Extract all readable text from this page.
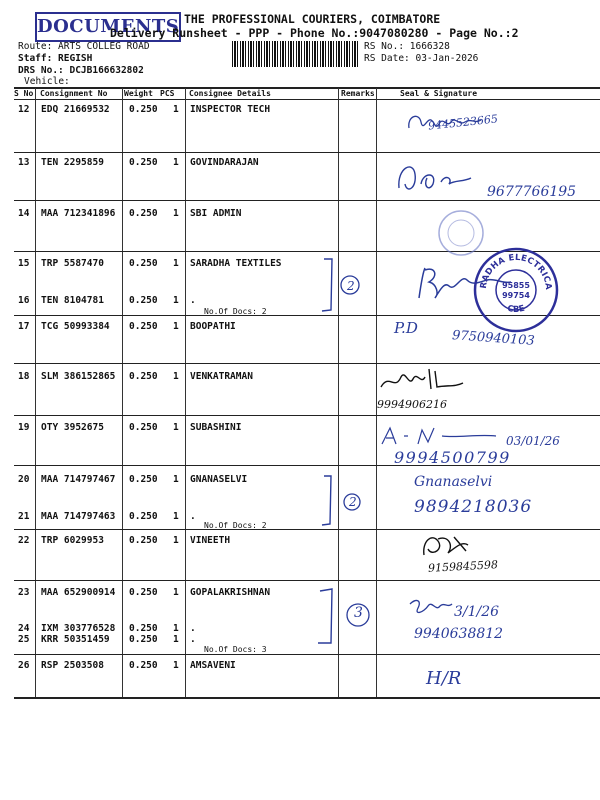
DOCUMENTS THE PROFESSIONAL COURIERS, COIMBATORE
Delivery Runsheet - PPP - Phone No.:9047080280 - Page No.:2
Route: ARTS COLLEG ROAD
Staff: REGISH
DRS No.: DCJB166632802
Vehicle:
RS No.: 1666328
RS Date: 03-Jan-2026
S No Consignment No Weight PCS Consignee Details	Remarks	Seal & Signature
12 EDQ 21669532 0.250 1 INSPECTOR TECH
13 TEN 2295859	0.250 1 GOVINDARAJAN
14 MAA 712341896 0.250 1 SBI ADMIN
15 TRP 5587470	0.250 1 SARADHA TEXTILES
16 TEN 8104781	0.250 1 .
No.Of Docs: 2
17 TCG 50993384 0.250 1 BOOPATHI
18 SLM 386152865 0.250 1 VENKATRAMAN
19 OTY 3952675	0.250 1 SUBASHINI
20 MAA 714797467 0.250 1 GNANASELVI
21 MAA 714797463 0.250 1 .
No.Of Docs: 2
22 TRP 6029953	0.250 1 VINEETH
23 MAA 652900914 0.250 1 GOPALAKRISHNAN
24 IXM 303776528 0.250 1 .
25 KRR 50351459 0.250 1 .
No.Of Docs: 3
26 RSP 2503508	0.250 1 AMSAVENI
2
2
3
9445523665
9677766195
P.D
9750940103
9994906216
03/01/26
9994500799
Gnanaselvi
9894218036
9159845598
3/1/26
9940638812
H/R
SARADHA ELECTRICALS
CBE
95855
99754
